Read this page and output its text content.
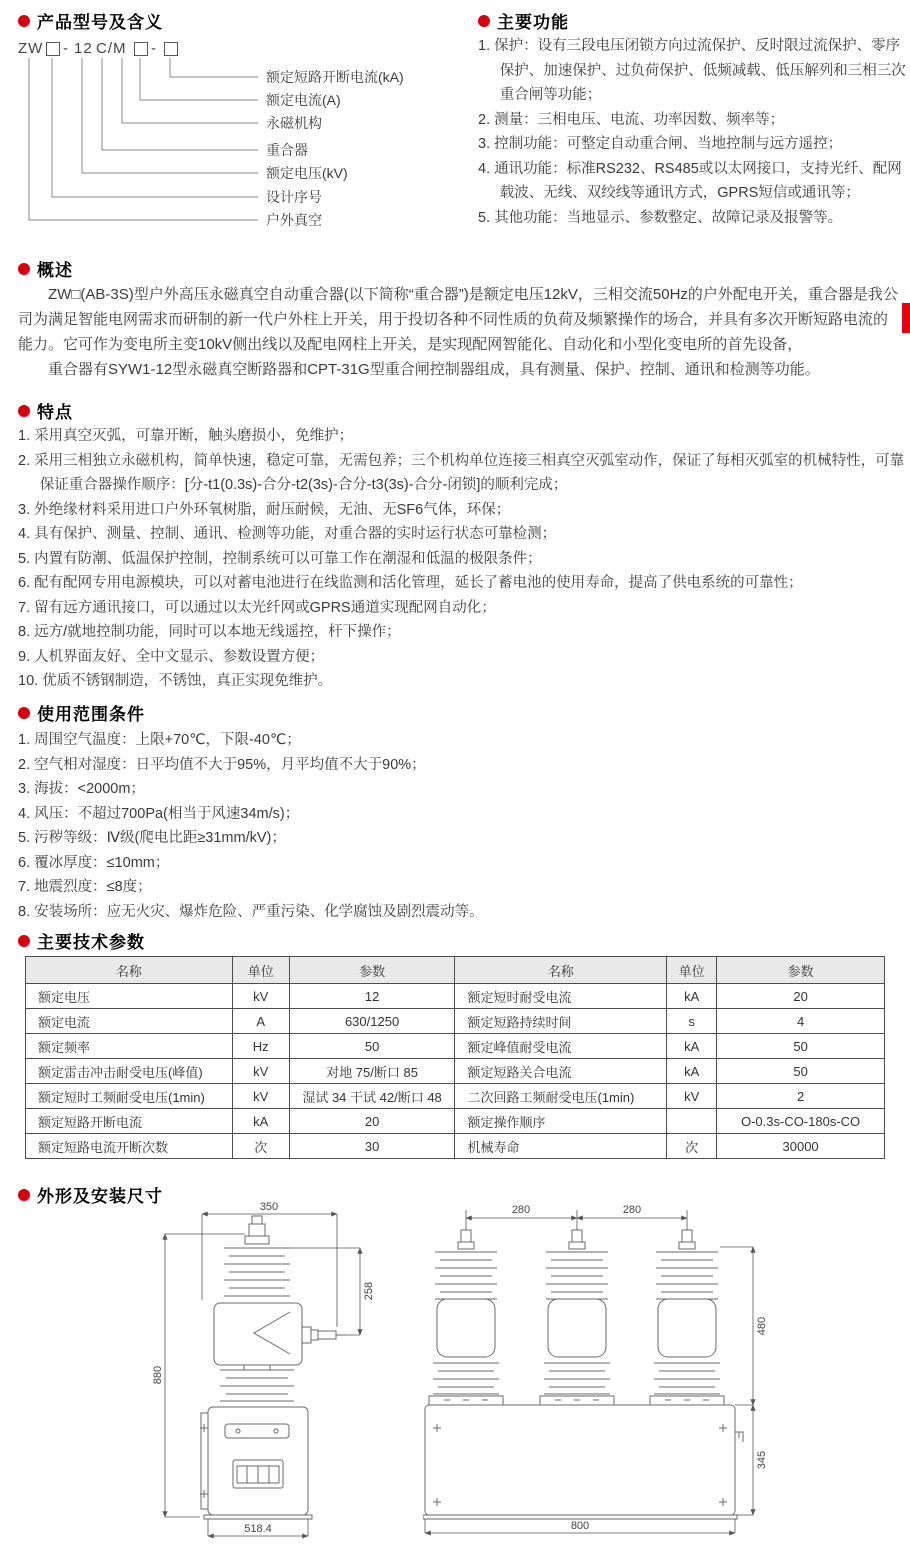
产品型号及含义	主要功能
概述
特点
使用范围条件
主要技术参数
外形及安装尺寸
ZW - 12 C/M -
额定短路开断电流(kA)
额定电流(A)
永磁机构
重合器
额定电压(kV)
设计序号
户外真空
1. 保护：设有三段电压闭锁方向过流保护、反时限过流保护、零序保护、加速保护、过负荷保护、低频减载、低压解列和三相三次重合闸等功能；
2. 测量：三相电压、电流、功率因数、频率等；
3. 控制功能：可整定自动重合闸、当地控制与远方遥控；
4. 通讯功能：标准RS232、RS485或以太网接口，支持光纤、配网载波、无线、双绞线等通讯方式，GPRS短信或通讯等；
5. 其他功能：当地显示、参数整定、故障记录及报警等。

ZW□(AB-3S)型户外高压永磁真空自动重合器(以下简称“重合器”)是额定电压12kV，三相交流50Hz的户外配电开关，重合器是我公司为满足智能电网需求而研制的新一代户外柱上开关，用于投切各种不同性质的负荷及频繁操作的场合，并具有多次开断短路电流的能力。它可作为变电所主变10kV侧出线以及配电网柱上开关，是实现配网智能化、自动化和小型化变电所的首先设备，

重合器有SYW1-12型永磁真空断路器和CPT-31G型重合闸控制器组成，具有测量、保护、控制、通讯和检测等功能。

1. 采用真空灭弧，可靠开断，触头磨损小，免维护；
2. 采用三相独立永磁机构，简单快速，稳定可靠，无需包养；三个机构单位连接三相真空灭弧室动作，保证了每相灭弧室的机械特性，可靠保证重合器操作顺序：[分-t1(0.3s)-合分-t2(3s)-合分-t3(3s)-合分-闭锁]的顺利完成；
3. 外绝缘材料采用进口户外环氧树脂，耐压耐候，无油、无SF6气体，环保；
4. 具有保护、测量、控制、通讯、检测等功能，对重合器的实时运行状态可靠检测；
5. 内置有防潮、低温保护控制，控制系统可以可靠工作在潮湿和低温的极限条件；
6. 配有配网专用电源模块，可以对蓄电池进行在线监测和活化管理，延长了蓄电池的使用寿命，提高了供电系统的可靠性；
7. 留有远方通讯接口，可以通过以太光纤网或GPRS通道实现配网自动化；
8. 远方/就地控制功能，同时可以本地无线遥控，杆下操作；
9. 人机界面友好、全中文显示、参数设置方便；
10. 优质不锈钢制造，不锈蚀，真正实现免维护。
1. 周围空气温度：上限+70℃，下限-40℃；
2. 空气相对湿度：日平均值不大于95%，月平均值不大于90%；
3. 海拔：<2000m；
4. 风压：不超过700Pa(相当于风速34m/s)；
5. 污秽等级：Ⅳ级(爬电比距≥31mm/kV)；
6. 覆冰厚度：≤10mm；
7. 地震烈度：≤8度；
8. 安装场所：应无火灾、爆炸危险、严重污染、化学腐蚀及剧烈震动等。
名称	单位	参数	名称	单位	参数
额定电压	kV	12	额定短时耐受电流	kA	20
额定电流	A	630/1250	额定短路持续时间	s	4
额定频率	Hz	50	额定峰值耐受电流	kA	50
额定雷击冲击耐受电压(峰值)	kV	对地 75/断口 85	额定短路关合电流	kA	50
额定短时工频耐受电压(1min)	kV	湿试 34 干试 42/断口 48	二次回路工频耐受电压(1min)	kV	2
额定短路开断电流	kA	20	额定操作顺序		O-0.3s-CO-180s-CO
额定短路电流开断次数	次	30	机械寿命	次	30000
350
880
258
518.4
280	280
480
345
800
